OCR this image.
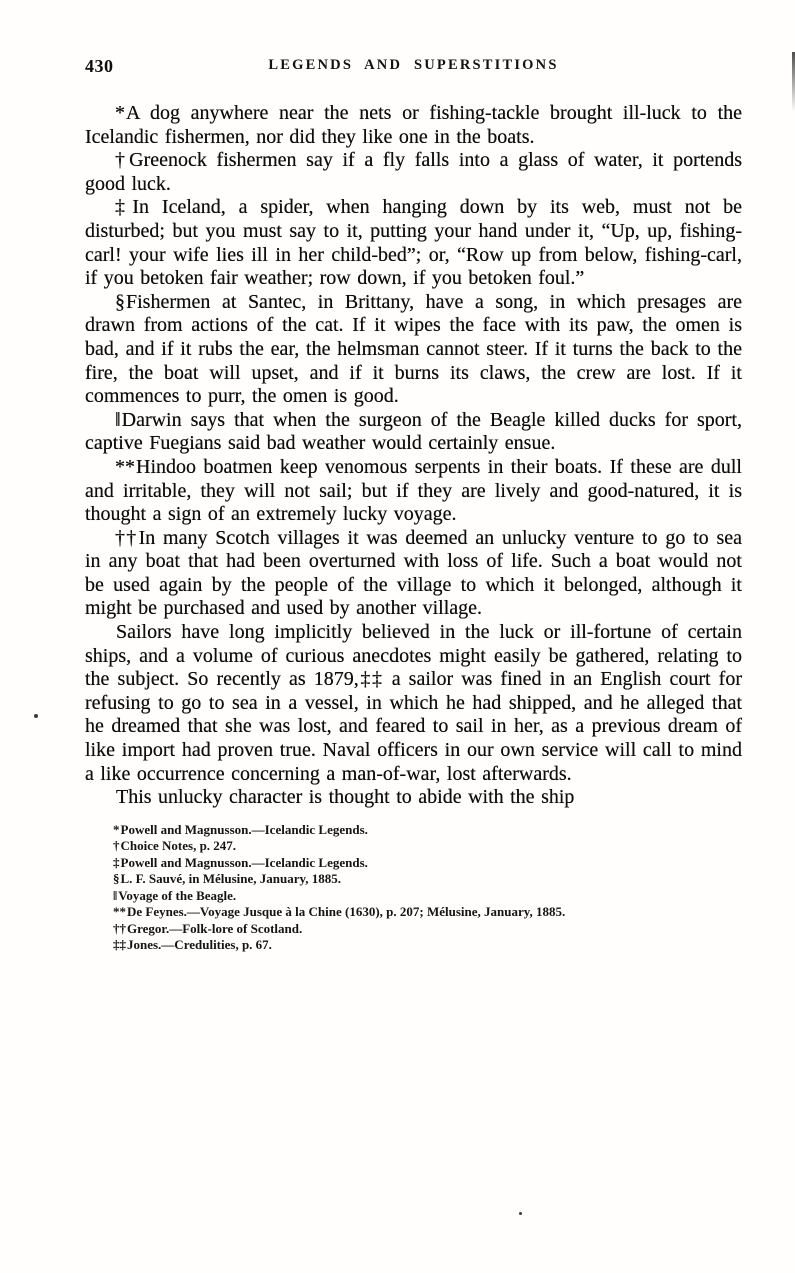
430	LEGENDS AND SUPERSTITIONS

*A dog anywhere near the nets or fishing-tackle brought ill-luck to the Icelandic fishermen, nor did they like one in the boats.

†Greenock fishermen say if a fly falls into a glass of water, it portends good luck.

‡In Iceland, a spider, when hanging down by its web, must not be disturbed; but you must say to it, putting your hand under it, “Up, up, fishing-carl! your wife lies ill in her child-bed”; or, “Row up from below, fishing-carl, if you betoken fair weather; row down, if you betoken foul.”

§Fishermen at Santec, in Brittany, have a song, in which presages are drawn from actions of the cat. If it wipes the face with its paw, the omen is bad, and if it rubs the ear, the helmsman cannot steer. If it turns the back to the fire, the boat will upset, and if it burns its claws, the crew are lost. If it commences to purr, the omen is good.

‖Darwin says that when the surgeon of the Beagle killed ducks for sport, captive Fuegians said bad weather would certainly ensue.

**Hindoo boatmen keep venomous serpents in their boats. If these are dull and irritable, they will not sail; but if they are lively and good-natured, it is thought a sign of an extremely lucky voyage.

††In many Scotch villages it was deemed an unlucky venture to go to sea in any boat that had been overturned with loss of life. Such a boat would not be used again by the people of the village to which it belonged, although it might be purchased and used by another village.

Sailors have long implicitly believed in the luck or ill-fortune of certain ships, and a volume of curious anecdotes might easily be gathered, relating to the subject. So recently as 1879,‡‡ a sailor was fined in an English court for refusing to go to sea in a vessel, in which he had shipped, and he alleged that he dreamed that she was lost, and feared to sail in her, as a previous dream of like import had proven true. Naval officers in our own service will call to mind a like occurrence concerning a man-of-war, lost afterwards.

This unlucky character is thought to abide with the ship

*Powell and Magnusson.—Icelandic Legends.

†Choice Notes, p. 247.

‡Powell and Magnusson.—Icelandic Legends.

§L. F. Sauvé, in Mélusine, January, 1885.

‖Voyage of the Beagle.

**De Feynes.—Voyage Jusque à la Chine (1630), p. 207; Mélusine, January, 1885.

††Gregor.—Folk-lore of Scotland.

‡‡Jones.—Credulities, p. 67.
